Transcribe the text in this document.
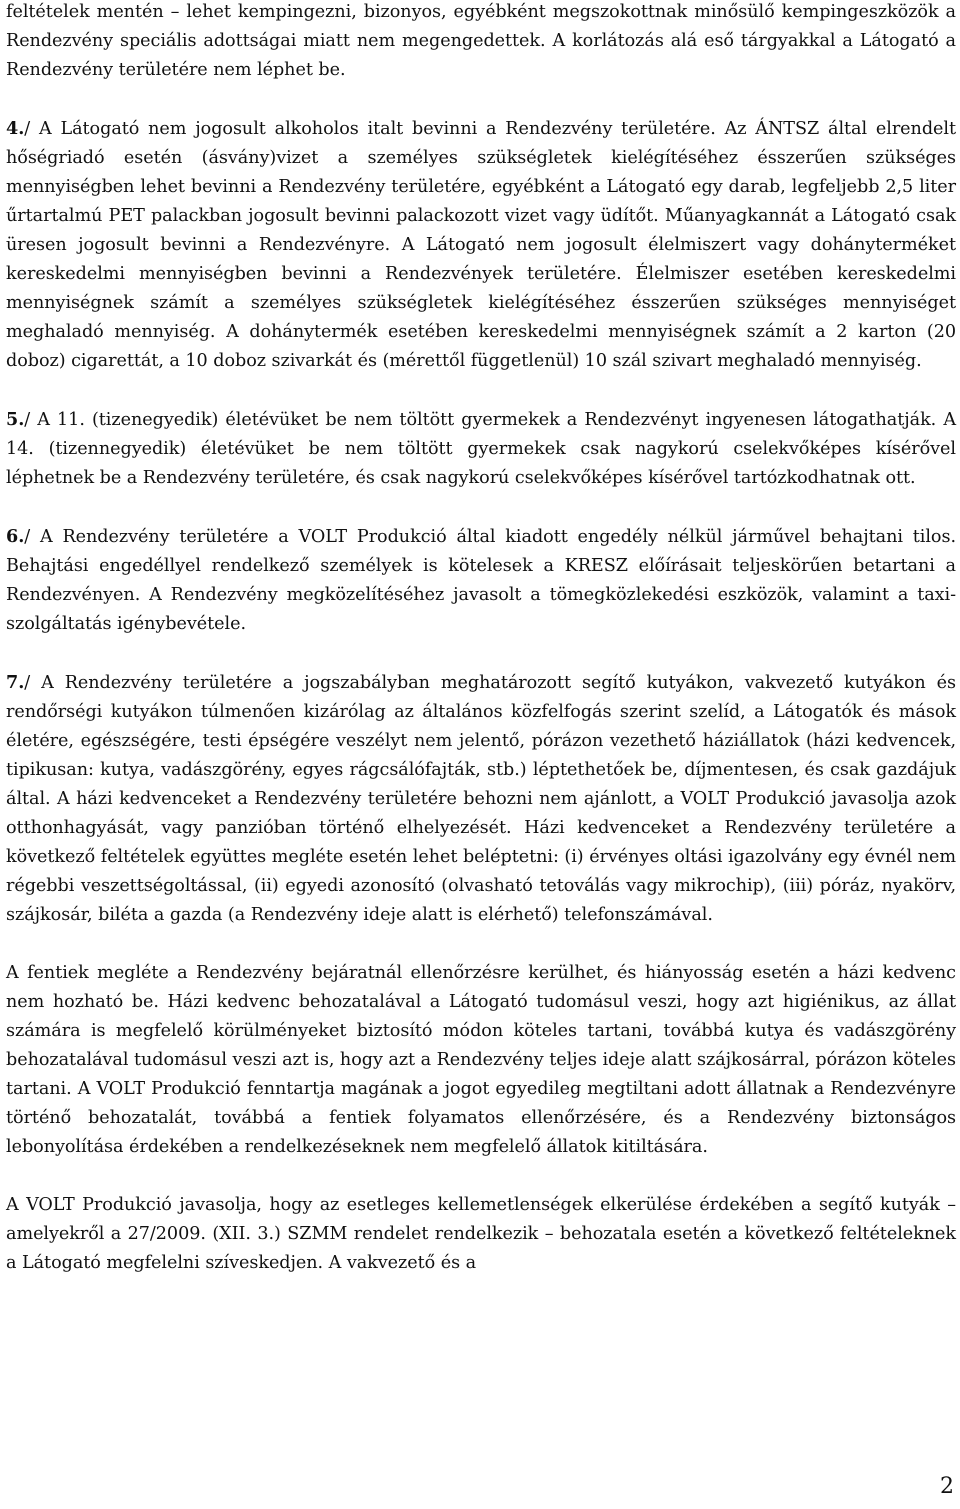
feltételek mentén – lehet kempingezni, bizonyos, egyébként megszokottnak minősülő kempingeszközök a Rendezvény speciális adottságai miatt nem megengedettek. A korlátozás alá eső tárgyakkal a Látogató a Rendezvény területére nem léphet be.

4./ A Látogató nem jogosult alkoholos italt bevinni a Rendezvény területére. Az ÁNTSZ által elrendelt hőségriadó esetén (ásvány)vizet a személyes szükségletek kielégítéséhez ésszerűen szükséges mennyiségben lehet bevinni a Rendezvény területére, egyébként a Látogató egy darab, legfeljebb 2,5 liter űrtartalmú PET palackban jogosult bevinni palackozott vizet vagy üdítőt. Műanyagkannát a Látogató csak üresen jogosult bevinni a Rendezvényre. A Látogató nem jogosult élelmiszert vagy dohányterméket kereskedelmi mennyiségben bevinni a Rendezvények területére. Élelmiszer esetében kereskedelmi mennyiségnek számít a személyes szükségletek kielégítéséhez ésszerűen szükséges mennyiséget meghaladó mennyiség. A dohánytermék esetében kereskedelmi mennyiségnek számít a 2 karton (20 doboz) cigarettát, a 10 doboz szivarkát és (mérettől függetlenül) 10 szál szivart meghaladó mennyiség.

5./ A 11. (tizenegyedik) életévüket be nem töltött gyermekek a Rendezvényt ingyenesen látogathatják. A 14. (tizennegyedik) életévüket be nem töltött gyermekek csak nagykorú cselekvőképes kísérővel léphetnek be a Rendezvény területére, és csak nagykorú cselekvőképes kísérővel tartózkodhatnak ott.

6./ A Rendezvény területére a VOLT Produkció által kiadott engedély nélkül járművel behajtani tilos. Behajtási engedéllyel rendelkező személyek is kötelesek a KRESZ előírásait teljeskörűen betartani a Rendezvényen. A Rendezvény megközelítéséhez javasolt a tömegközlekedési eszközök, valamint a taxi-szolgáltatás igénybevétele.

7./ A Rendezvény területére a jogszabályban meghatározott segítő kutyákon, vakvezető kutyákon és rendőrségi kutyákon túlmenően kizárólag az általános közfelfogás szerint szelíd, a Látogatók és mások életére, egészségére, testi épségére veszélyt nem jelentő, pórázon vezethető háziállatok (házi kedvencek, tipikusan: kutya, vadászgörény, egyes rágcsálófajták, stb.) léptethetőek be, díjmentesen, és csak gazdájuk által. A házi kedvenceket a Rendezvény területére behozni nem ajánlott, a VOLT Produkció javasolja azok otthonhagyását, vagy panzióban történő elhelyezését. Házi kedvenceket a Rendezvény területére a következő feltételek együttes megléte esetén lehet beléptetni: (i) érvényes oltási igazolvány egy évnél nem régebbi veszettségoltással, (ii) egyedi azonosító (olvasható tetoválás vagy mikrochip), (iii) póráz, nyakörv, szájkosár, biléta a gazda (a Rendezvény ideje alatt is elérhető) telefonszámával.

A fentiek megléte a Rendezvény bejáratnál ellenőrzésre kerülhet, és hiányosság esetén a házi kedvenc nem hozható be. Házi kedvenc behozatalával a Látogató tudomásul veszi, hogy azt higiénikus, az állat számára is megfelelő körülményeket biztosító módon köteles tartani, továbbá kutya és vadászgörény behozatalával tudomásul veszi azt is, hogy azt a Rendezvény teljes ideje alatt szájkosárral, pórázon köteles tartani. A VOLT Produkció fenntartja magának a jogot egyedileg megtiltani adott állatnak a Rendezvényre történő behozatalát, továbbá a fentiek folyamatos ellenőrzésére, és a Rendezvény biztonságos lebonyolítása érdekében a rendelkezéseknek nem megfelelő állatok kitiltására.

A VOLT Produkció javasolja, hogy az esetleges kellemetlenségek elkerülése érdekében a segítő kutyák – amelyekről a 27/2009. (XII. 3.) SZMM rendelet rendelkezik – behozatala esetén a következő feltételeknek a Látogató megfelelni szíveskedjen. A vakvezető és a

2
